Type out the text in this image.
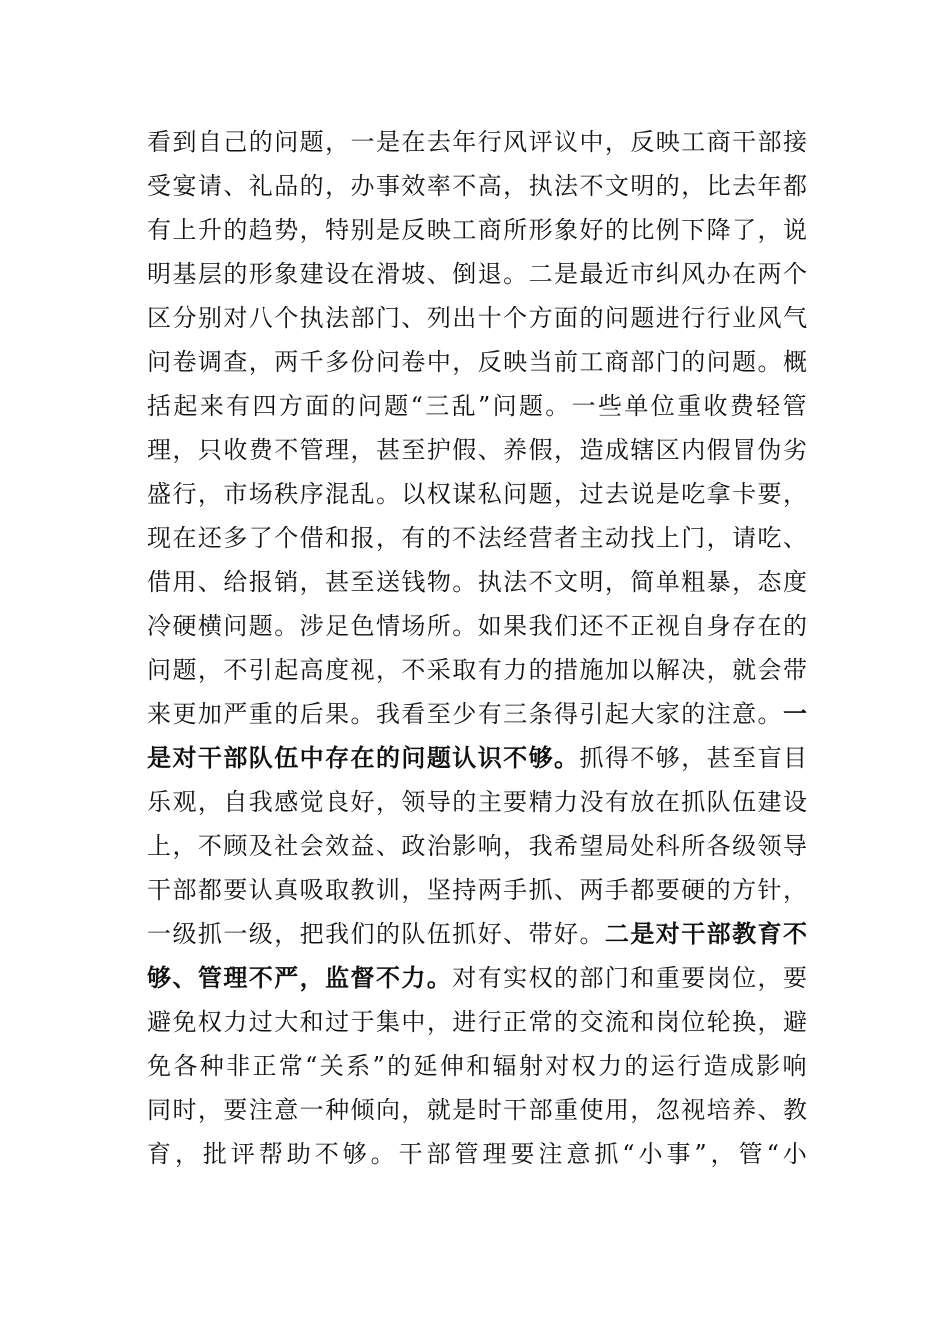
看到自己的问题，一是在去年行风评议中，反映工商干部接
受宴请、礼品的，办事效率不高，执法不文明的，比去年都
有上升的趋势，特别是反映工商所形象好的比例下降了，说
明基层的形象建设在滑坡、倒退。二是最近市纠风办在两个
区分别对八个执法部门、列出十个方面的问题进行行业风气
问卷调查，两千多份问卷中，反映当前工商部门的问题。概
括起来有四方面的问题“三乱”问题。一些单位重收费轻管
理，只收费不管理，甚至护假、养假，造成辖区内假冒伪劣
盛行，市场秩序混乱。以权谋私问题，过去说是吃拿卡要，
现在还多了个借和报，有的不法经营者主动找上门，请吃、
借用、给报销，甚至送钱物。执法不文明，简单粗暴，态度
冷硬横问题。涉足色情场所。如果我们还不正视自身存在的
问题，不引起高度视，不采取有力的措施加以解决，就会带
来更加严重的后果。我看至少有三条得引起大家的注意。一
是对干部队伍中存在的问题认识不够。抓得不够，甚至盲目
乐观，自我感觉良好，领导的主要精力没有放在抓队伍建设
上，不顾及社会效益、政治影响，我希望局处科所各级领导
干部都要认真吸取教训，坚持两手抓、两手都要硬的方针，
一级抓一级，把我们的队伍抓好、带好。二是对干部教育不
够、管理不严，监督不力。对有实权的部门和重要岗位，要
避免权力过大和过于集中，进行正常的交流和岗位轮换，避
免各种非正常“关系”的延伸和辐射对权力的运行造成影响
同时，要注意一种倾向，就是时干部重使用，忽视培养、教
育，批评帮助不够。干部管理要注意抓“小事”，管“小
